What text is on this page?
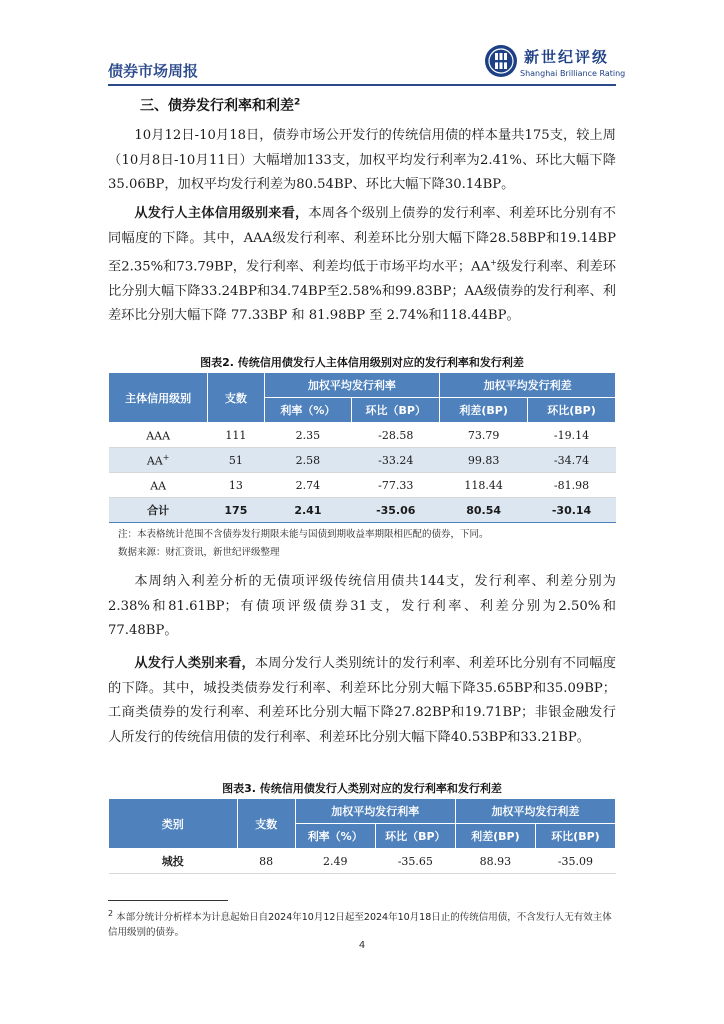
债券市场周报
新世纪评级
Shanghai Brilliance Rating
三、债券发行利率和利差$^2$

10月12日-10月18日，债券市场公开发行的传统信用债的样本量共175支，较上周（10月8日-10月11日）大幅增加133支，加权平均发行利率为2.41%、环比大幅下降35.06BP，加权平均发行利差为80.54BP、环比大幅下降30.14BP。

从发行人主体信用级别来看，本周各个级别上债券的发行利率、利差环比分别有不同幅度的下降。其中，AAA级发行利率、利差环比分别大幅下降28.58BP和19.14BP至2.35%和73.79BP，发行利率、利差均低于市场平均水平；AA+级发行利率、利差环比分别大幅下降33.24BP和34.74BP至2.58%和99.83BP；AA级债券的发行利率、利差环比分别大幅下降 77.33BP 和 81.98BP 至 2.74%和118.44BP。

图表2. 传统信用债发行人主体信用级别对应的发行利率和发行利差
主体信用级别	支数	加权平均发行利率		加权平均发行利差	
		利率（%）	环比（BP）	利差(BP)	环比(BP)
AAA	111	2.35	-28.58	73.79	-19.14
AA+	51	2.58	-33.24	99.83	-34.74
AA	13	2.74	-77.33	118.44	-81.98
合计	175	2.41	-35.06	80.54	-30.14
注：本表格统计范围不含债券发行期限未能与国债到期收益率期限相匹配的债券，下同。
数据来源：财汇资讯，新世纪评级整理

本周纳入利差分析的无债项评级传统信用债共144支，发行利率、利差分别为2.38%和81.61BP；有债项评级债券31支，发行利率、利差分别为2.50%和77.48BP。

从发行人类别来看，本周分发行人类别统计的发行利率、利差环比分别有不同幅度的下降。其中，城投类债券发行利率、利差环比分别大幅下降35.65BP和35.09BP；工商类债券的发行利率、利差环比分别大幅下降27.82BP和19.71BP；非银金融发行人所发行的传统信用债的发行利率、利差环比分别大幅下降40.53BP和33.21BP。

图表3. 传统信用债发行人类别对应的发行利率和发行利差
类别	支数	加权平均发行利率		加权平均发行利差	
		利率（%）	环比（BP）	利差(BP)	环比(BP)
城投	88	2.49	-35.65	88.93	-35.09
$^2$ 本部分统计分析样本为计息起始日自2024年10月12日起至2024年10月18日止的传统信用债，不含发行人无有效主体信用级别的债券。
4
